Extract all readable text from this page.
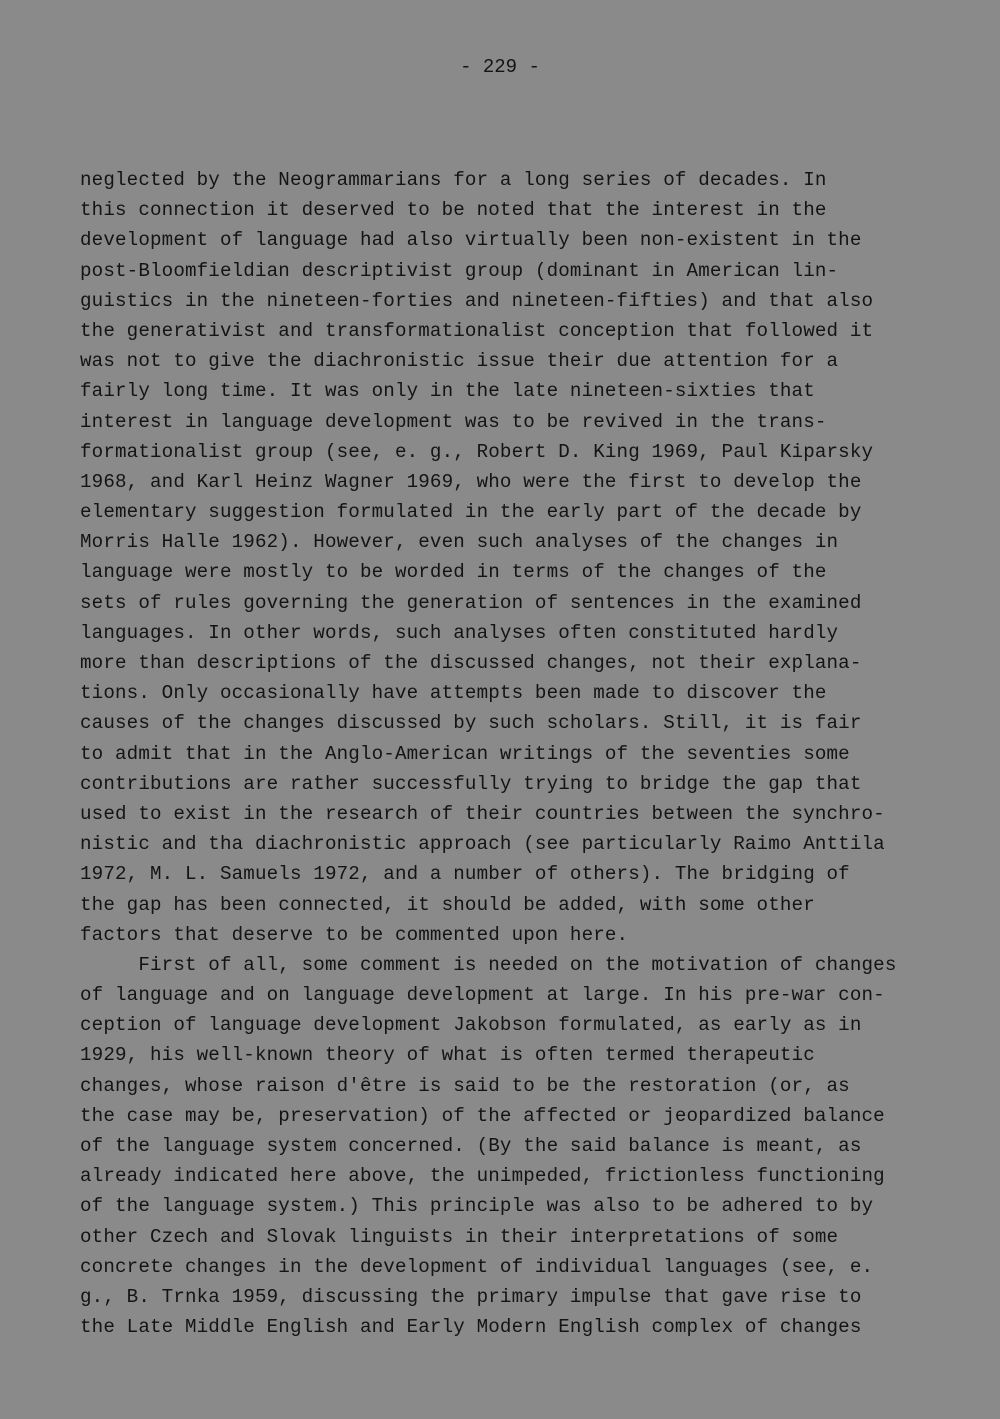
- 229 -
neglected by the Neogrammarians for a long series of decades. In
this connection it deserved to be noted that the interest in the
development of language had also virtually been non-existent in the
post-Bloomfieldian descriptivist group (dominant in American lin-
guistics in the nineteen-forties and nineteen-fifties) and that also
the generativist and transformationalist conception that followed it
was not to give the diachronistic issue their due attention for a
fairly long time. It was only in the late nineteen-sixties that
interest in language development was to be revived in the trans-
formationalist group (see, e. g., Robert D. King 1969, Paul Kiparsky
1968, and Karl Heinz Wagner 1969, who were the first to develop the
elementary suggestion formulated in the early part of the decade by
Morris Halle 1962). However, even such analyses of the changes in
language were mostly to be worded in terms of the changes of the
sets of rules governing the generation of sentences in the examined
languages. In other words, such analyses often constituted hardly
more than descriptions of the discussed changes, not their explana-
tions. Only occasionally have attempts been made to discover the
causes of the changes discussed by such scholars. Still, it is fair
to admit that in the Anglo-American writings of the seventies some
contributions are rather successfully trying to bridge the gap that
used to exist in the research of their countries between the synchro-
nistic and tha diachronistic approach (see particularly Raimo Anttila
1972, M. L. Samuels 1972, and a number of others). The bridging of
the gap has been connected, it should be added, with some other
factors that deserve to be commented upon here.
First of all, some comment is needed on the motivation of changes
of language and on language development at large. In his pre-war con-
ception of language development Jakobson formulated, as early as in
1929, his well-known theory of what is often termed therapeutic
changes, whose raison d'être is said to be the restoration (or, as
the case may be, preservation) of the affected or jeopardized balance
of the language system concerned. (By the said balance is meant, as
already indicated here above, the unimpeded, frictionless functioning
of the language system.) This principle was also to be adhered to by
other Czech and Slovak linguists in their interpretations of some
concrete changes in the development of individual languages (see, e.
g., B. Trnka 1959, discussing the primary impulse that gave rise to
the Late Middle English and Early Modern English complex of changes
